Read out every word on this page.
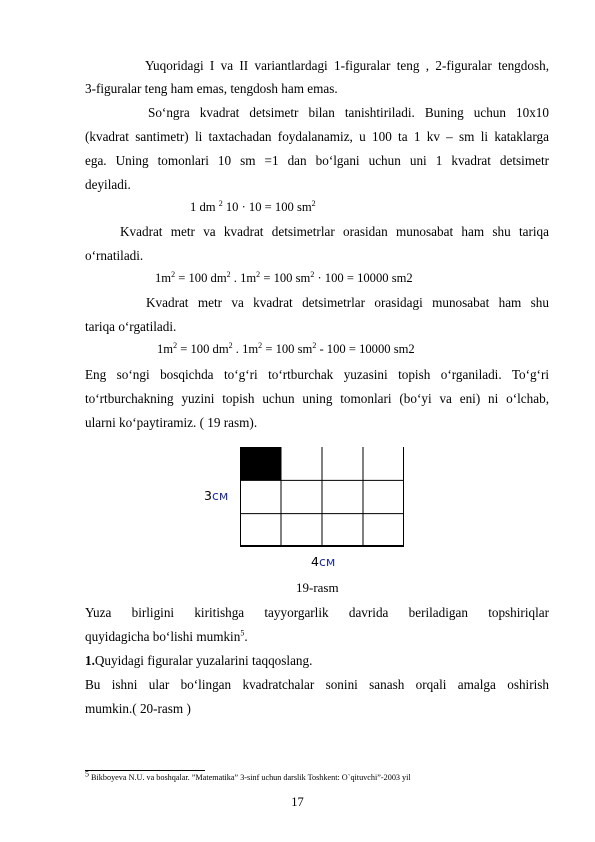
Yuqoridagi I va II variantlardagi 1-figuralar teng , 2-figuralar tengdosh,
3-figuralar teng ham emas, tengdosh ham emas.
So‘ngra kvadrat detsimetr bilan tanishtiriladi. Buning uchun 10x10
(kvadrat santimetr) li taxtachadan foydalanamiz, u 100 ta 1 kv – sm li kataklarga
ega. Uning tomonlari 10 sm =1 dan bo‘lgani uchun uni 1 kvadrat detsimetr
deyiladi.
1 dm $^2$ 10 · 10 = 100 $sm^2$
Kvadrat metr va kvadrat detsimetrlar orasidan munosabat ham shu tariqa
o‘rnatiladi.
$1m^2 = 100$ $dm^2$ . $1m^2 = 100$ $sm^2 \cdot 100 = 10000$ sm2
Kvadrat metr va kvadrat detsimetrlar orasidagi munosabat ham shu
tariqa o‘rgatiladi.
$1m^2 = 100$ $dm^2$ . $1m^2 = 100$ $sm^2 - 100 = 10000$ sm2
Eng so‘ngi bosqichda to‘g‘ri to‘rtburchak yuzasini topish o‘rganiladi. To‘g‘ri
to‘rtburchakning yuzini topish uchun uning tomonlari (bo‘yi va eni) ni o‘lchab,
ularni ko‘paytiramiz. ( 19 rasm).
3см
4см
19-rasm
Yuza birligini kiritishga tayyorgarlik davrida beriladigan topshiriqlar
quyidagicha bo‘lishi mumkin$^5$.
1.Quyidagi figuralar yuzalarini taqqoslang.
Bu ishni ular bo‘lingan kvadratchalar sonini sanash orqali amalga oshirish
mumkin.( 20-rasm )
$^5$ Bikboyeva N.U. va boshqalar. ”Matematika” 3-sinf uchun darslik Toshkent: O`qituvchi”-2003 yil
17
